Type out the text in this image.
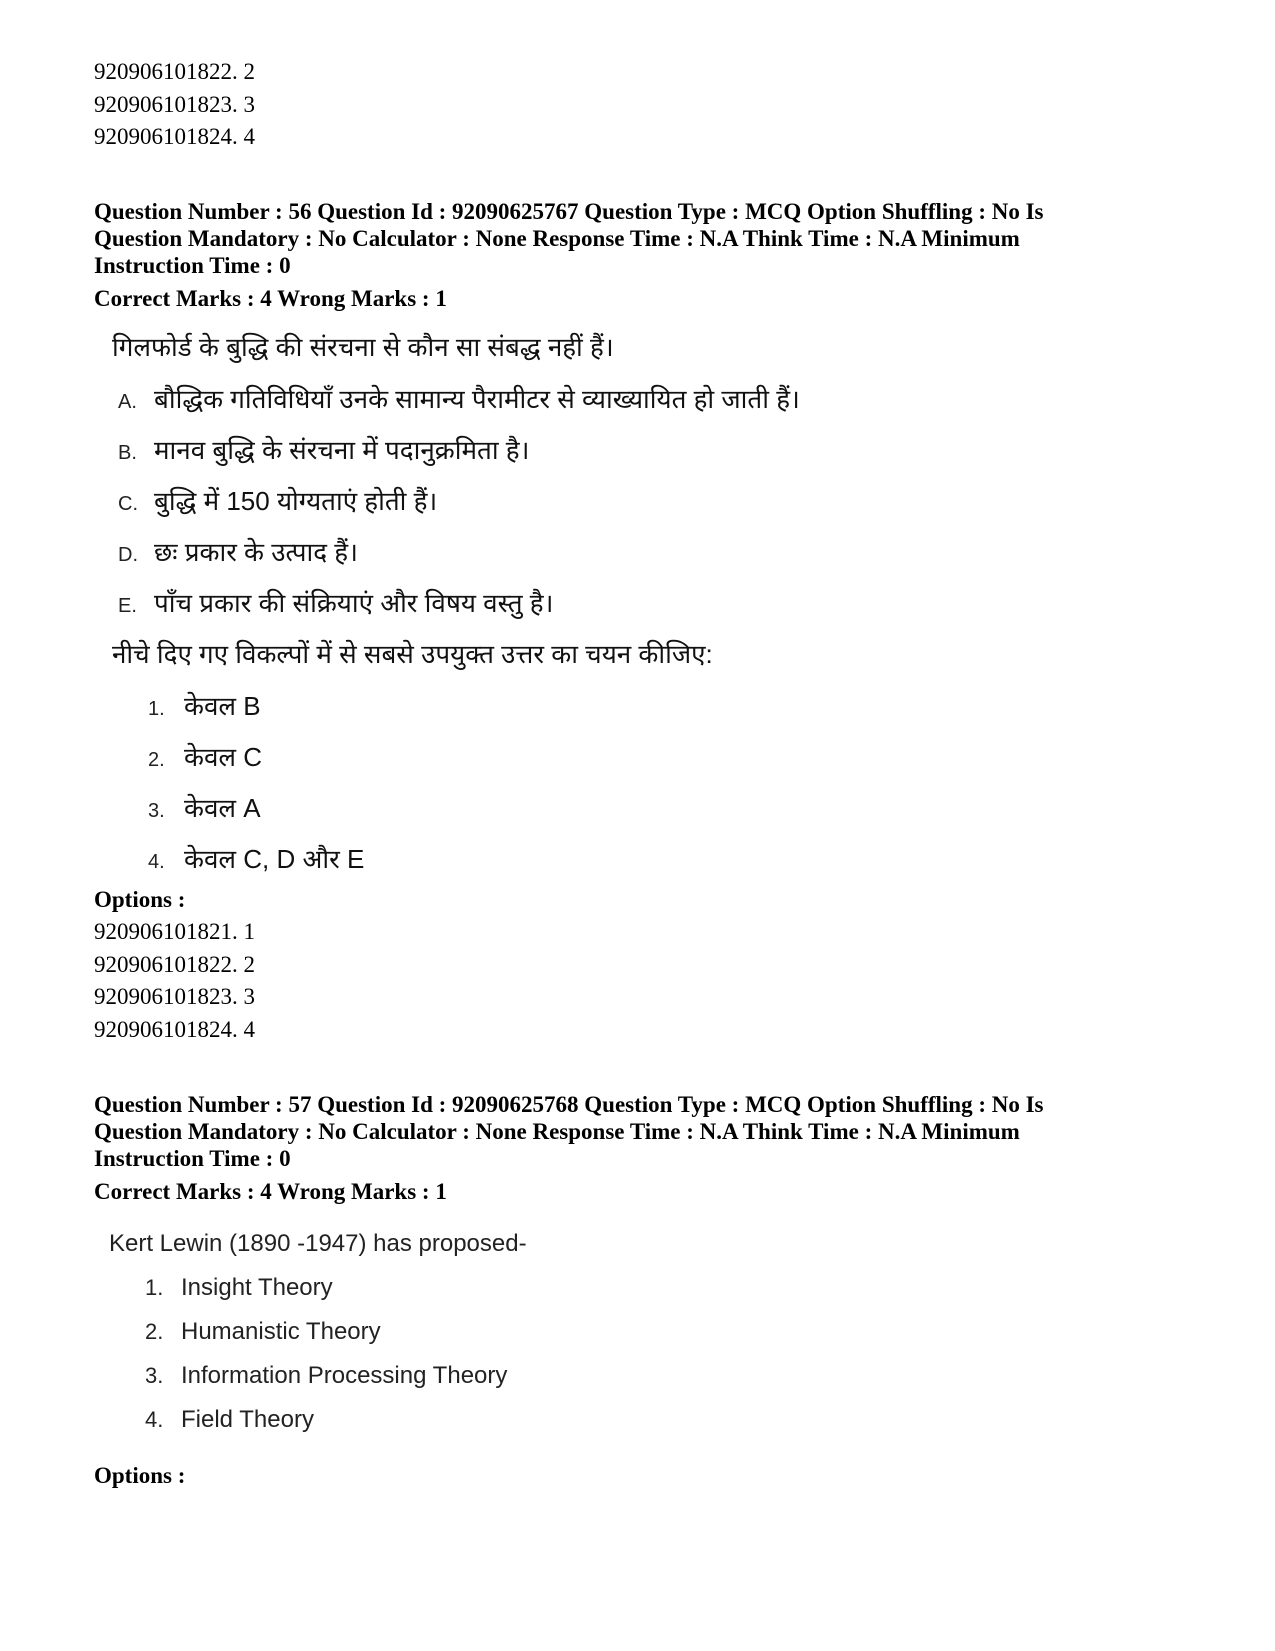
920906101822. 2
920906101823. 3
920906101824. 4
Question Number : 56 Question Id : 92090625767 Question Type : MCQ Option Shuffling : No Is
Question Mandatory : No Calculator : None Response Time : N.A Think Time : N.A Minimum
Instruction Time : 0
Correct Marks : 4 Wrong Marks : 1
गिलफोर्ड के बुद्धि की संरचना से कौन सा संबद्ध नहीं हैं।
A. बौद्धिक गतिविधियाँ उनके सामान्य पैरामीटर से व्याख्यायित हो जाती हैं।
B. मानव बुद्धि के संरचना में पदानुक्रमिता है।
C. बुद्धि में 150 योग्यताएं होती हैं।
D. छः प्रकार के उत्पाद हैं।
E. पाँच प्रकार की संक्रियाएं और विषय वस्तु है।
नीचे दिए गए विकल्पों में से सबसे उपयुक्त उत्तर का चयन कीजिए:
1. केवल B
2. केवल C
3. केवल A
4. केवल C, D और E
Options :
920906101821. 1
920906101822. 2
920906101823. 3
920906101824. 4
Question Number : 57 Question Id : 92090625768 Question Type : MCQ Option Shuffling : No Is
Question Mandatory : No Calculator : None Response Time : N.A Think Time : N.A Minimum
Instruction Time : 0
Correct Marks : 4 Wrong Marks : 1
Kert Lewin (1890 -1947) has proposed-
1. Insight Theory
2. Humanistic Theory
3. Information Processing Theory
4. Field Theory
Options :
